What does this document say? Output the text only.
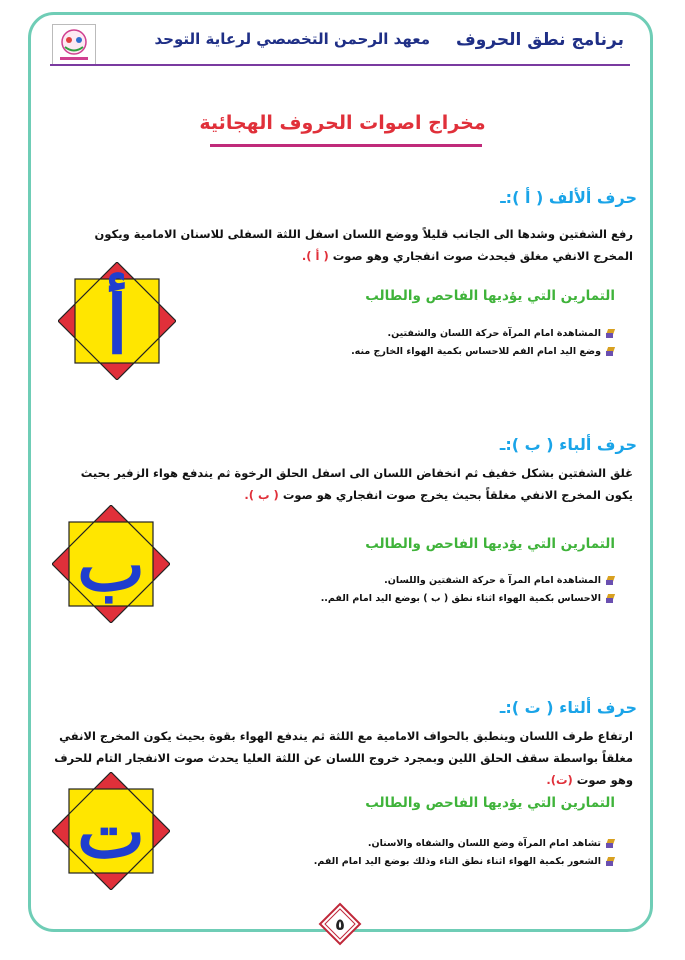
برنامج نطق الحروف
معهد الرحمن التخصصي لرعاية التوحد
مخراج اصوات الحروف الهجائية
حرف ألألف ( أ ):ـ
رفع الشفتين وشدها الى الجانب قليلاً ووضع اللسان اسفل اللثة السفلى للاسنان الامامية ويكون المخرج الانفي مغلق فيحدث صوت انفجاري وهو صوت ( أ ).
التمارين التي يؤديها الفاحص والطالب
المشاهدة امام المرآة حركة اللسان والشفتين.
وضع اليد امام الفم للاحساس بكمية الهواء الخارج منه.
أ
حرف ألباء ( ب ):ـ
غلق الشفتين بشكل خفيف ثم انخفاض اللسان الى اسفل الحلق الرخوة ثم يندفع هواء الزفير بحيث يكون المخرج الانفي مغلقاً بحيث يخرج صوت انفجاري هو صوت ( ب ).
التمارين التي يؤديها الفاحص والطالب
المشاهدة امام المرآ ة حركة الشفتين واللسان.
الاحساس بكمية الهواء اثناء نطق ( ب ) بوضع اليد امام الفم..
ب
حرف ألتاء ( ت ):ـ
ارتفاع طرف اللسان وينطبق بالحواف الامامية مع اللثة ثم يندفع الهواء بقوة بحيث يكون المخرج الانفي مغلقاً بواسطة سقف الحلق اللين وبمجرد خروج اللسان عن اللثة العليا يحدث صوت الانفجار التام للحرف وهو صوت (ت).
التمارين التي يؤديها الفاحص والطالب
تشاهد امام المرآة وضع اللسان والشفاه والاسنان.
الشعور بكمية الهواء اثناء نطق التاء وذلك بوضع اليد امام الفم.
ت
٥
